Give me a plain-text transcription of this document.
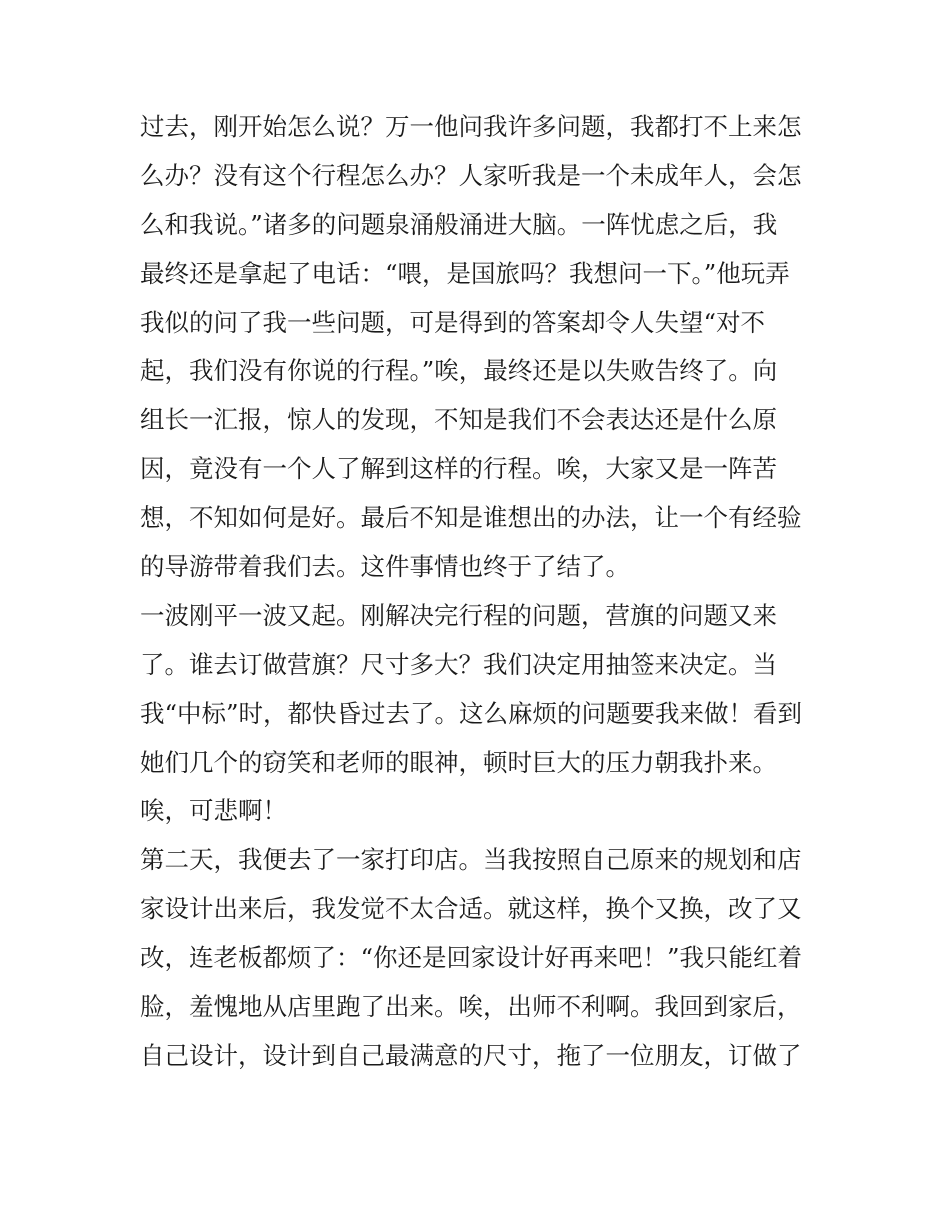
过去，刚开始怎么说？万一他问我许多问题，我都打不上来怎
么办？没有这个行程怎么办？人家听我是一个未成年人，会怎
么和我说。”诸多的问题泉涌般涌进大脑。一阵忧虑之后，我
最终还是拿起了电话：“喂，是国旅吗？我想问一下。”他玩弄
我似的问了我一些问题，可是得到的答案却令人失望“对不
起，我们没有你说的行程。”唉，最终还是以失败告终了。向
组长一汇报，惊人的发现，不知是我们不会表达还是什么原
因，竟没有一个人了解到这样的行程。唉，大家又是一阵苦
想，不知如何是好。最后不知是谁想出的办法，让一个有经验
的导游带着我们去。这件事情也终于了结了。
一波刚平一波又起。刚解决完行程的问题，营旗的问题又来
了。谁去订做营旗？尺寸多大？我们决定用抽签来决定。当
我“中标”时，都快昏过去了。这么麻烦的问题要我来做！看到
她们几个的窃笑和老师的眼神，顿时巨大的压力朝我扑来。
唉，可悲啊！
第二天，我便去了一家打印店。当我按照自己原来的规划和店
家设计出来后，我发觉不太合适。就这样，换个又换，改了又
改，连老板都烦了：“你还是回家设计好再来吧！”我只能红着
脸，羞愧地从店里跑了出来。唉，出师不利啊。我回到家后，
自己设计，设计到自己最满意的尺寸，拖了一位朋友，订做了
